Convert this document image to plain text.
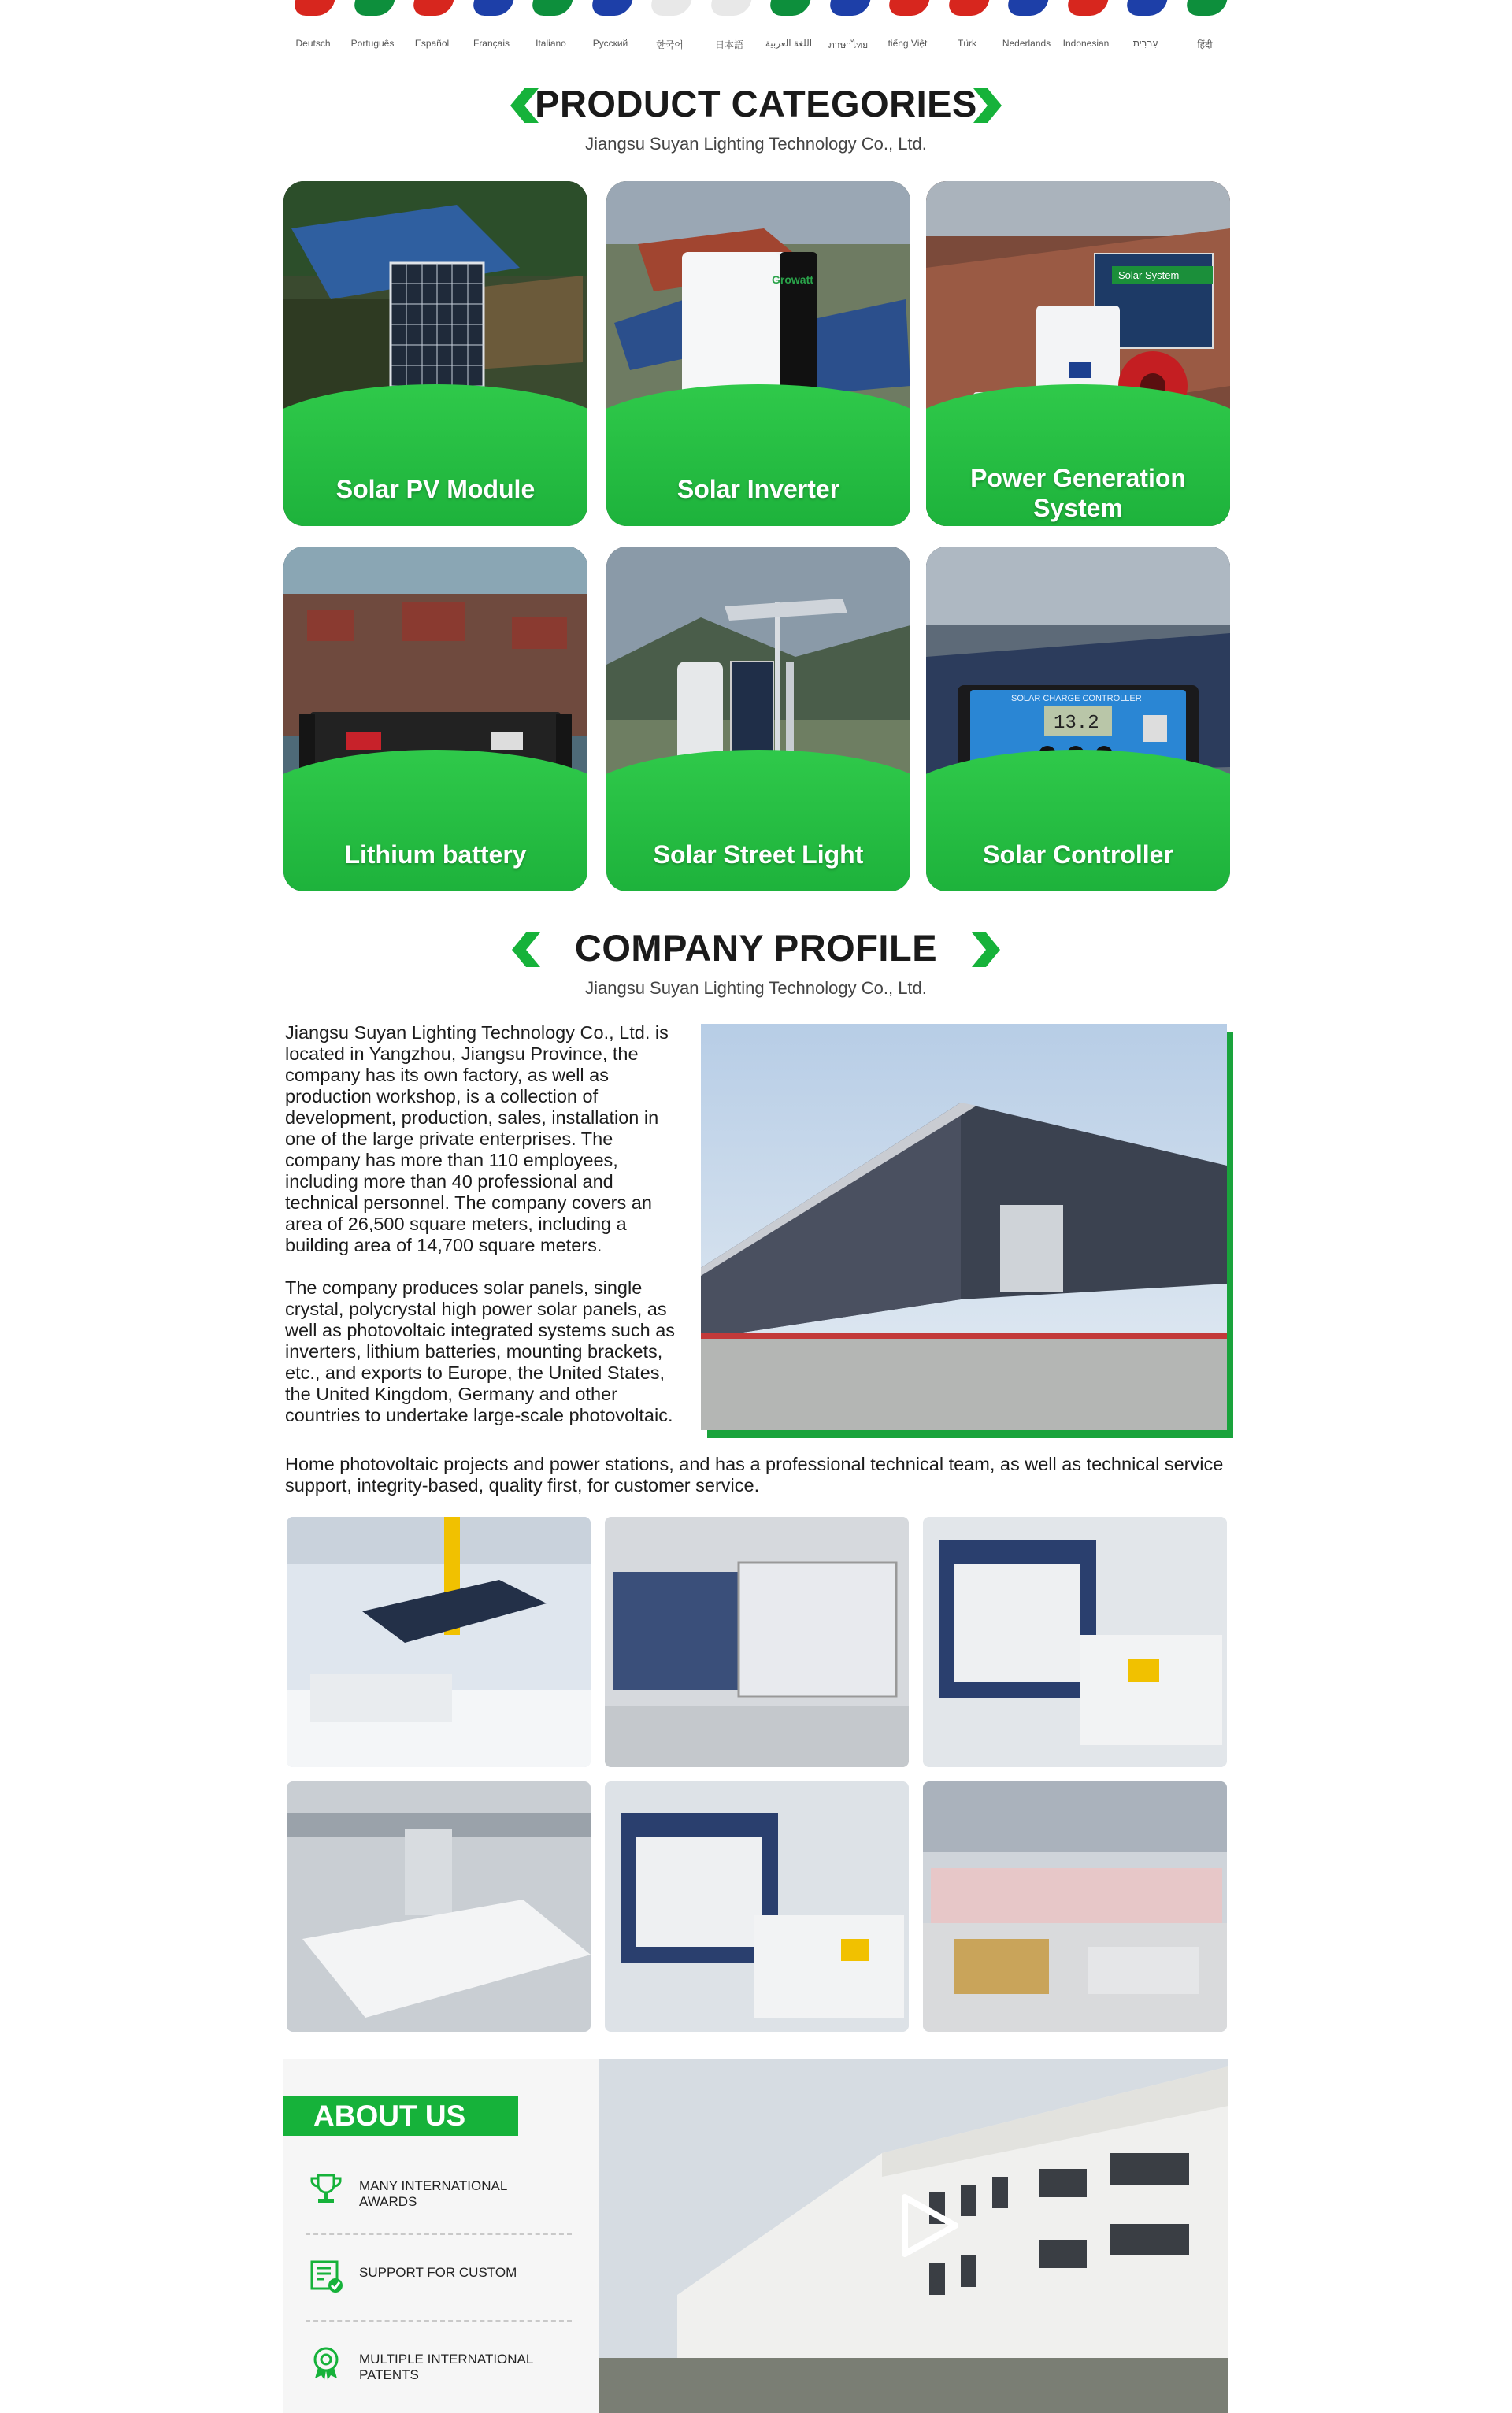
Deutsch	Português	Español	Français	Italiano	Русский	한국어	日本語	اللغة العربية	ภาษาไทย	tiếng Việt	Türk	Nederlands	Indonesian	עִברִית	हिंदी
PRODUCT CATEGORIES

Jiangsu Suyan Lighting Technology Co., Ltd.

Solar PV Module
Growatt
Solar Inverter
Solar System
Power Generation System
Lithium battery	Solar Street Light
SOLAR CHARGE CONTROLLER
13.2
Solar Controller
COMPANY PROFILE

Jiangsu Suyan Lighting Technology Co., Ltd.

Jiangsu Suyan Lighting Technology Co., Ltd. is located in Yangzhou, Jiangsu Province, the company has its own factory, as well as production workshop, is a collection of development, production, sales, installation in one of the large private enterprises. The company has more than 110 employees, including more than 40 professional and technical personnel. The company covers an area of 26,500 square meters, including a building area of 14,700 square meters.

The company produces solar panels, single crystal, polycrystal high power solar panels, as well as photovoltaic integrated systems such as inverters, lithium batteries, mounting brackets, etc., and exports to Europe, the United States, the United Kingdom, Germany and other countries to undertake large-scale photovoltaic.

Home photovoltaic projects and power stations, and has a professional technical team, as well as technical service support, integrity-based, quality first, for customer service.
ABOUT US
MANY INTERNATIONAL AWARDS
SUPPORT FOR CUSTOM
MULTIPLE INTERNATIONAL PATENTS
